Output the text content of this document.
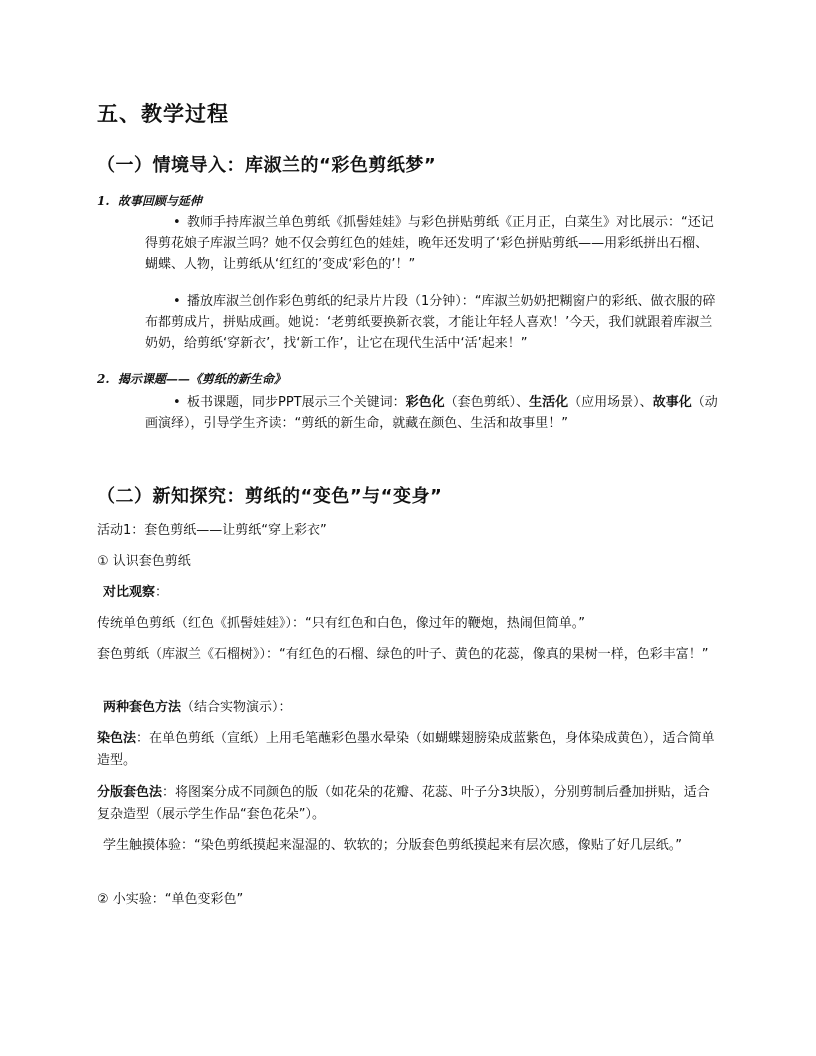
五、教学过程
（一）情境导入：库淑兰的“彩色剪纸梦”
1. 故事回顾与延伸
• 教师手持库淑兰单色剪纸《抓髻娃娃》与彩色拼贴剪纸《正月正，白菜生》对比展示：“还记得剪花娘子库淑兰吗？她不仅会剪红色的娃娃，晚年还发明了‘彩色拼贴剪纸——用彩纸拼出石榴、蝴蝶、人物，让剪纸从‘红红的’变成‘彩色的’！”
• 播放库淑兰创作彩色剪纸的纪录片片段（1分钟）：“库淑兰奶奶把糊窗户的彩纸、做衣服的碎布都剪成片，拼贴成画。她说：‘老剪纸要换新衣裳，才能让年轻人喜欢！’今天，我们就跟着库淑兰奶奶，给剪纸‘穿新衣’，找‘新工作’，让它在现代生活中‘活’起来！”
2. 揭示课题——《剪纸的新生命》
• 板书课题，同步PPT展示三个关键词：彩色化（套色剪纸）、生活化（应用场景）、故事化（动画演绎），引导学生齐读：“剪纸的新生命，就藏在颜色、生活和故事里！”
（二）新知探究：剪纸的“变色”与“变身”
活动1：套色剪纸——让剪纸“穿上彩衣”
① 认识套色剪纸
对比观察：
传统单色剪纸（红色《抓髻娃娃》）：“只有红色和白色，像过年的鞭炮，热闹但简单。”
套色剪纸（库淑兰《石榴树》）：“有红色的石榴、绿色的叶子、黄色的花蕊，像真的果树一样，色彩丰富！”
两种套色方法（结合实物演示）：
染色法：在单色剪纸（宣纸）上用毛笔蘸彩色墨水晕染（如蝴蝶翅膀染成蓝紫色，身体染成黄色），适合简单造型。
分版套色法：将图案分成不同颜色的版（如花朵的花瓣、花蕊、叶子分3块版），分别剪制后叠加拼贴，适合复杂造型（展示学生作品“套色花朵”）。
学生触摸体验：“染色剪纸摸起来湿湿的、软软的；分版套色剪纸摸起来有层次感，像贴了好几层纸。”
② 小实验：“单色变彩色”
